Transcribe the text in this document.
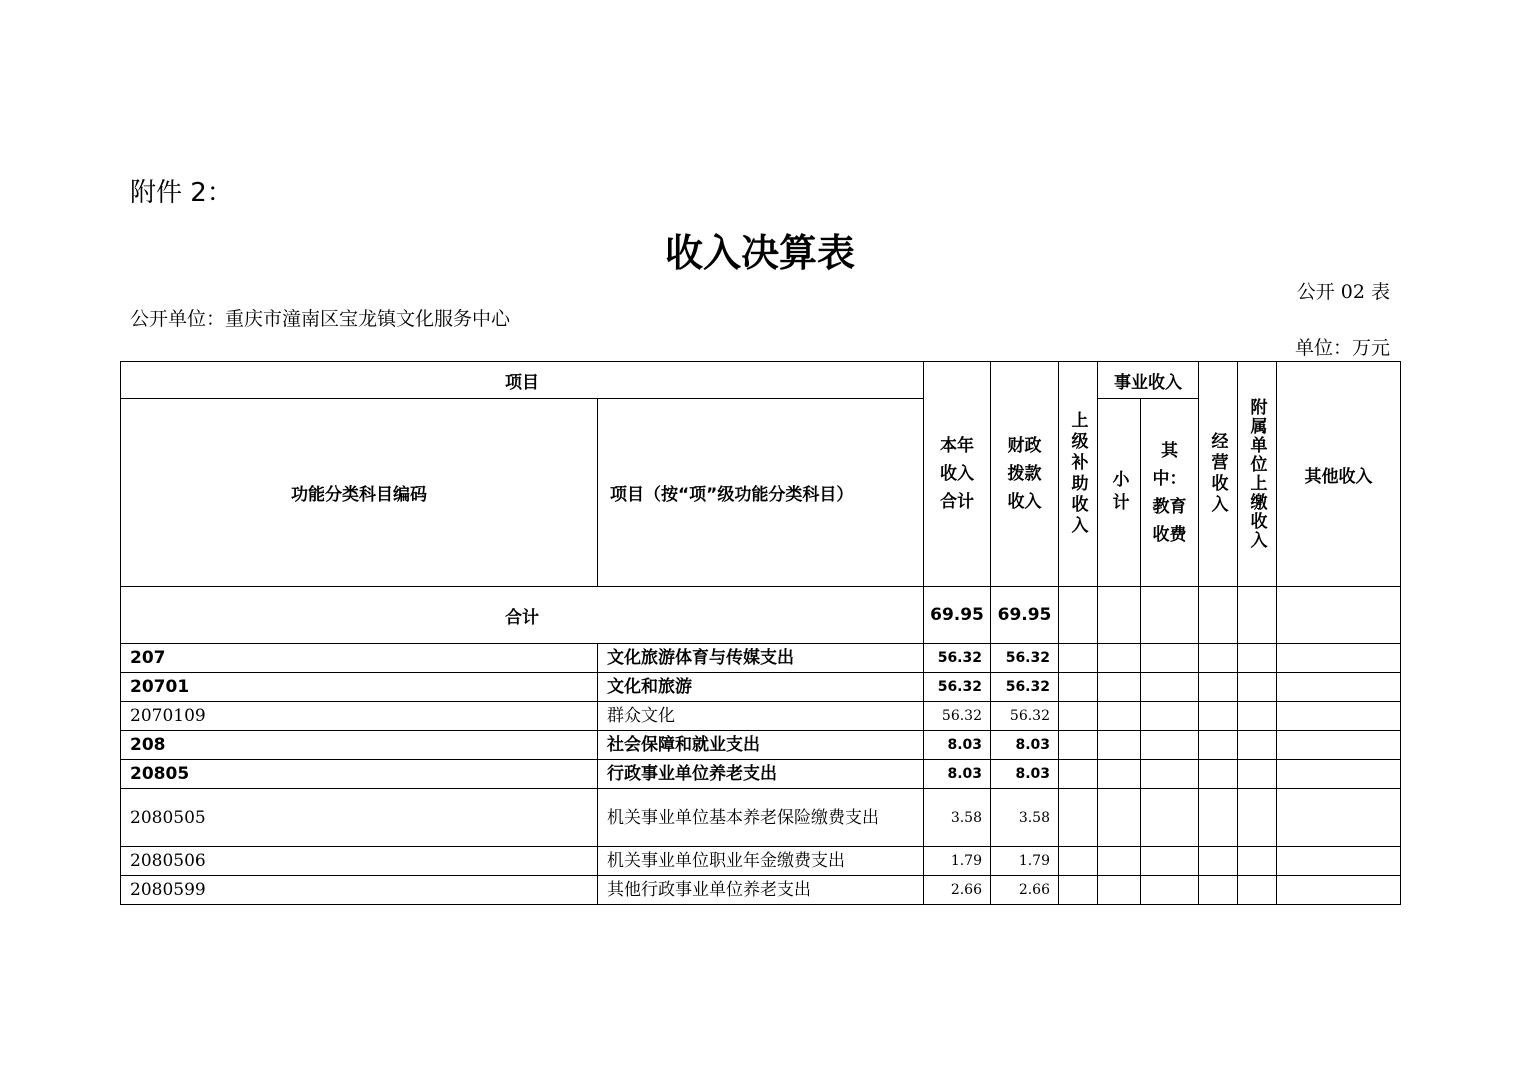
附件 2：
收入决算表
公开 02 表
公开单位：重庆市潼南区宝龙镇文化服务中心
单位：万元
项目		本年收入合计	财政拨款收入	上级补助收入	事业收入		经营收入	附属单位上缴收入	其他收入
功能分类科目编码	项目（按“项”级功能分类科目）				小计	其中：教育收费			

合计		69.95	69.95						
207	文化旅游体育与传媒支出	56.32	56.32						
20701	文化和旅游	56.32	56.32						
2070109	群众文化	56.32	56.32						
208	社会保障和就业支出	8.03	8.03						
20805	行政事业单位养老支出	8.03	8.03						
2080505	机关事业单位基本养老保险缴费支出	3.58	3.58						
2080506	机关事业单位职业年金缴费支出	1.79	1.79						
2080599	其他行政事业单位养老支出	2.66	2.66						
